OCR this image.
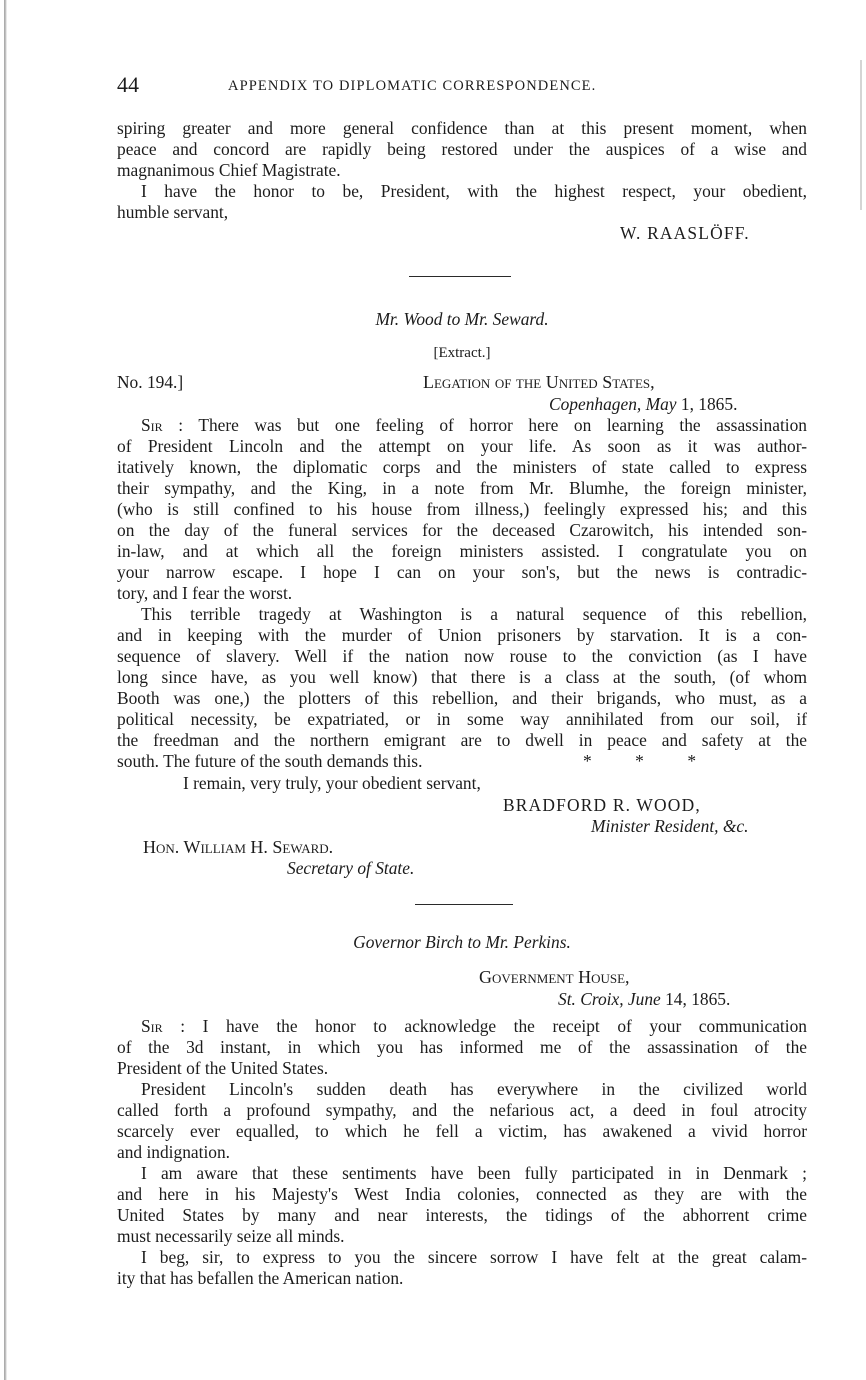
44	APPENDIX TO DIPLOMATIC CORRESPONDENCE.
spiring greater and more general confidence than at this present moment, when
peace and concord are rapidly being restored under the auspices of a wise and
magnanimous Chief Magistrate.
I have the honor to be, President, with the highest respect, your obedient,
humble servant,
W. RAASLÖFF.
Mr. Wood to Mr. Seward.
[Extract.]
No. 194.]	Legation of the United States,
Copenhagen, May 1, 1865.
Sir : There was but one feeling of horror here on learning the assassination
of President Lincoln and the attempt on your life. As soon as it was author-
itatively known, the diplomatic corps and the ministers of state called to express
their sympathy, and the King, in a note from Mr. Blumhe, the foreign minister,
(who is still confined to his house from illness,) feelingly expressed his; and this
on the day of the funeral services for the deceased Czarowitch, his intended son-
in-law, and at which all the foreign ministers assisted. I congratulate you on
your narrow escape. I hope I can on your son's, but the news is contradic-
tory, and I fear the worst.
This terrible tragedy at Washington is a natural sequence of this rebellion,
and in keeping with the murder of Union prisoners by starvation. It is a con-
sequence of slavery. Well if the nation now rouse to the conviction (as I have
long since have, as you well know) that there is a class at the south, (of whom
Booth was one,) the plotters of this rebellion, and their brigands, who must, as a
political necessity, be expatriated, or in some way annihilated from our soil, if
the freedman and the northern emigrant are to dwell in peace and safety at the
south. The future of the south demands this.	*          *          *
I remain, very truly, your obedient servant,
BRADFORD R. WOOD,
Minister Resident, &c.
Hon. William H. Seward.
Secretary of State.
Governor Birch to Mr. Perkins.
Government House,
St. Croix, June 14, 1865.
Sir : I have the honor to acknowledge the receipt of your communication
of the 3d instant, in which you has informed me of the assassination of the
President of the United States.
President Lincoln's sudden death has everywhere in the civilized world
called forth a profound sympathy, and the nefarious act, a deed in foul atrocity
scarcely ever equalled, to which he fell a victim, has awakened a vivid horror
and indignation.
I am aware that these sentiments have been fully participated in in Denmark ;
and here in his Majesty's West India colonies, connected as they are with the
United States by many and near interests, the tidings of the abhorrent crime
must necessarily seize all minds.
I beg, sir, to express to you the sincere sorrow I have felt at the great calam-
ity that has befallen the American nation.
